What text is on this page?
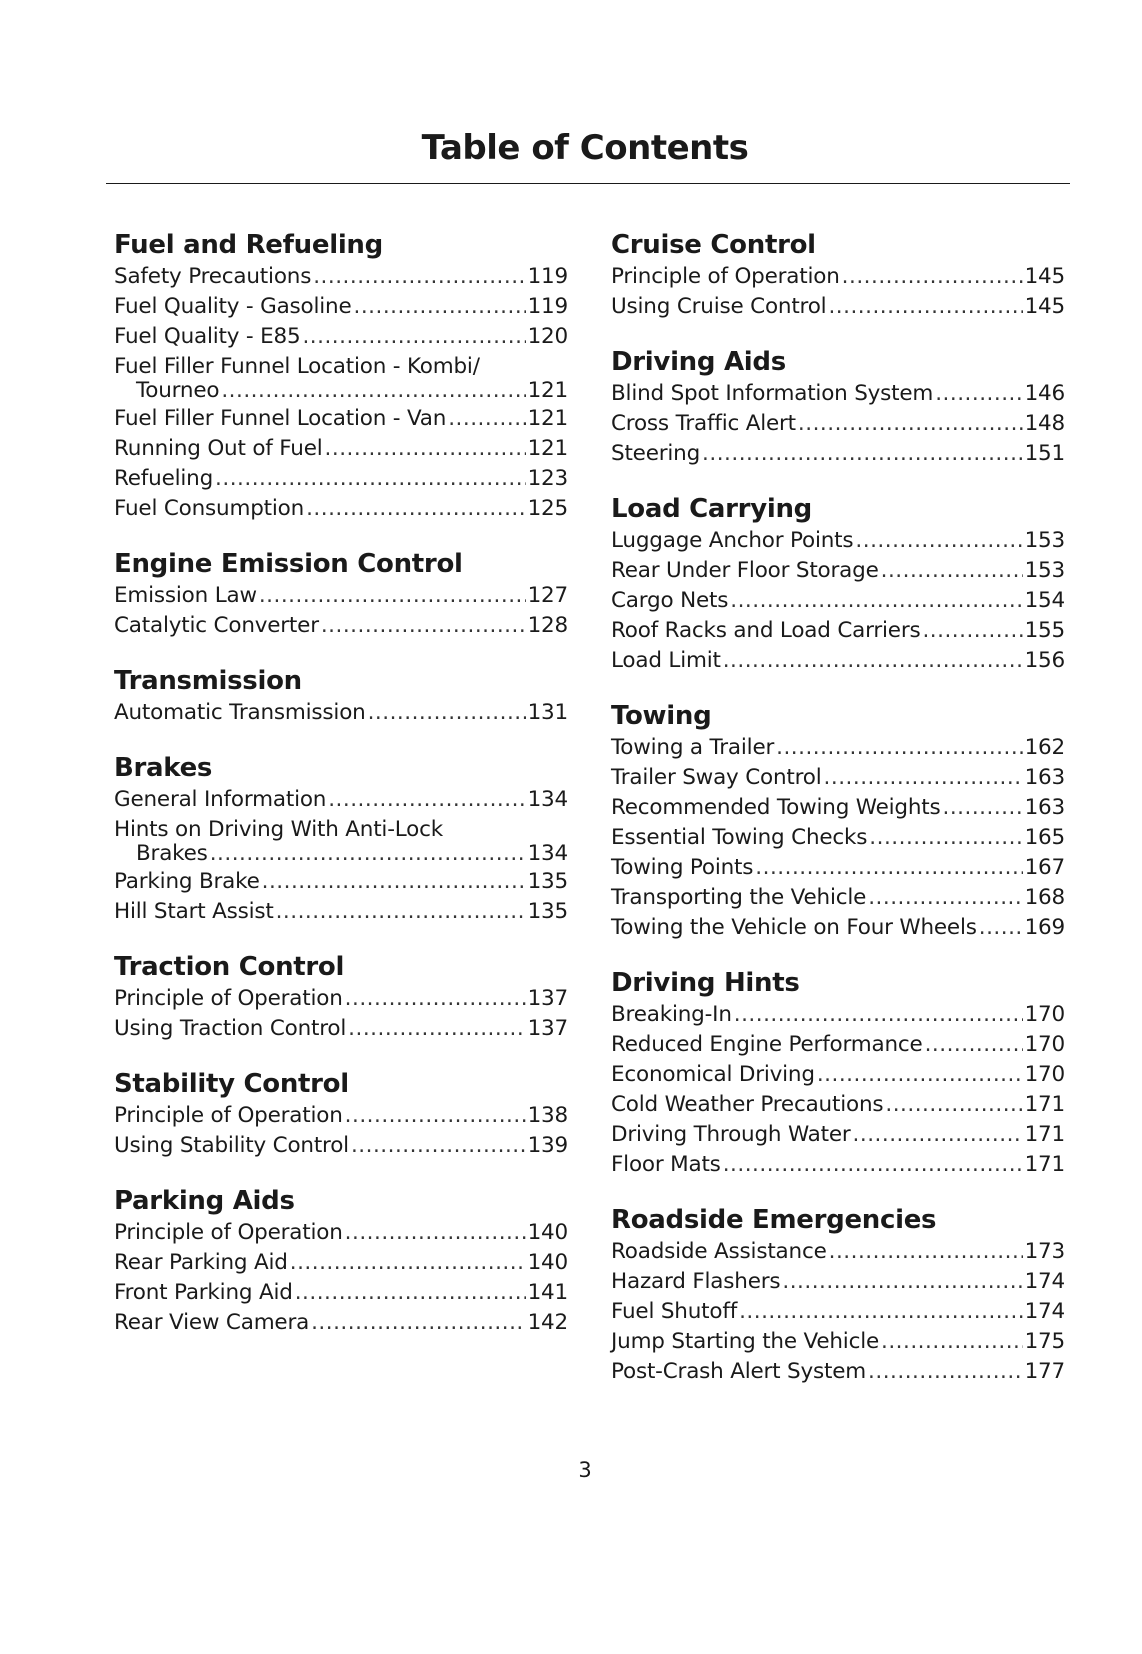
Table of Contents
Fuel and Refueling
Safety Precautions .....	119
Fuel Quality - Gasoline .....	119
Fuel Quality - E85 .....	120
Fuel Filler Funnel Location - Kombi/
Tourneo .....	121
Fuel Filler Funnel Location - Van .....	121
Running Out of Fuel .....	121
Refueling .....	123
Fuel Consumption .....	125
Engine Emission Control
Emission Law .....	127
Catalytic Converter .....	128
Transmission
Automatic Transmission .....	131
Brakes
General Information .....	134
Hints on Driving With Anti-Lock
Brakes .....	134
Parking Brake .....	135
Hill Start Assist .....	135
Traction Control
Principle of Operation .....	137
Using Traction Control .....	137
Stability Control
Principle of Operation .....	138
Using Stability Control .....	139
Parking Aids
Principle of Operation .....	140
Rear Parking Aid .....	140
Front Parking Aid .....	141
Rear View Camera .....	142
Cruise Control
Principle of Operation .....	145
Using Cruise Control .....	145
Driving Aids
Blind Spot Information System .....	146
Cross Traffic Alert .....	148
Steering .....	151
Load Carrying
Luggage Anchor Points .....	153
Rear Under Floor Storage .....	153
Cargo Nets .....	154
Roof Racks and Load Carriers .....	155
Load Limit .....	156
Towing
Towing a Trailer .....	162
Trailer Sway Control .....	163
Recommended Towing Weights .....	163
Essential Towing Checks .....	165
Towing Points .....	167
Transporting the Vehicle .....	168
Towing the Vehicle on Four Wheels ..... 169
Driving Hints
Breaking-In .....	170
Reduced Engine Performance .....	170
Economical Driving .....	170
Cold Weather Precautions .....	171
Driving Through Water .....	171
Floor Mats .....	171
Roadside Emergencies
Roadside Assistance .....	173
Hazard Flashers .....	174
Fuel Shutoff .....	174
Jump Starting the Vehicle .....	175
Post-Crash Alert System .....	177
3
